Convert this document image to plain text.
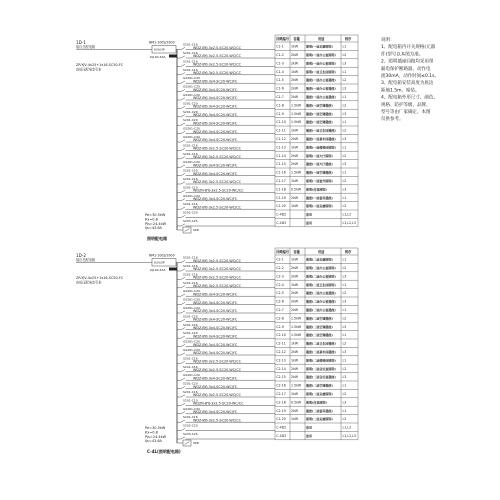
1D-1
接自总配电箱
ZR-YJV-4x25+1x16-SC50-FC
由低压配电室引来
NM1-100S/3300
63A/3P
KJ100-63A
S201-C16
WDZ-BYJ-3x2.5-SC20-WC/CC
S201-C16
WDZ-BYJ-3x2.5-SC20-WC/CC
S201-C16
WDZ-BYJ-3x2.5-SC20-WC/CC
S201-C16
WDZ-BYJ-3x2.5-SC20-WC/CC
GS261-C20
WDZ-BYJ-3x4-SC20-WC/FC
GS261-C20
WDZ-BYJ-3x4-SC20-WC/FC
GS261-C20
WDZ-BYJ-3x4-SC20-WC/FC
S201-C20
WDZ-BYJ-3x4-SC20-WC/FC
S201-C20
WDZ-BYJ-3x4-SC20-WC/FC
S201-C20
WDZ-BYJ-3x4-SC20-WC/FC
GS261-C20
WDZ-BYJ-3x4-SC20-WC/FC
GS261-C20
WDZ-BYJ-3x4-SC20-WC/FC
S201-C16
WDZ-BYJ-3x2.5-SC20-WC/CC
S201-C16
WDZ-BYJ-3x2.5-SC20-WC/CC
GS261-C20
WDZ-BYJ-3x4-SC20-WC/FC
S201-C20
WDZ-BYJ-3x4-SC20-WC/FC
S201-C16
WDZ-BYJ-3x2.5-SC20-WC/CC
S201-C10
WDZN-BYJ-3x2.5-SC20-WC/CC
GS261-C20
WDZ-BYJ-3x4-SC20-WC/FC
S201-C16
WDZ-BYJ-3x2.5-SC20-WC/CC
S202-C20
S203-C25
回路编号 容量	用途	相序
C1-1 1kW	照明(一层走廊照明)	L1
C1-2 2kW	照明(一层办公室照明) L2
C1-3 2kW	照明(一层办公室照明) L3
C1-4 1kW	照明(一层卫生间照明) L1
C1-5 2kW	插座(一层办公室插座) L2
C1-6 2kW	插座(一层办公室插座) L3
C1-7 2kW	插座(一层办公室插座) L1
C1-8 1.5kW 插座(一层空调插座)	L2
C1-9 1.5kW 插座(一层空调插座)	L3
C1-10 1.5kW 插座(一层空调插座)	L1
C1-11 1kW	插座(一层卫生间插座) L2
C1-12 2kW	插座(一层茶水间插座) L3
C1-13 1kW	照明(一层楼梯间照明) L1
C1-14 2kW	照明(一层大厅照明)	L2
C1-15 2kW	插座(一层大厅插座)	L3
C1-16 1.5kW 插座(一层空调插座)	L1
C1-17 1kW	照明(一层室外照明)	L2
C1-18 0.5kW 照明(应急照明)	L3
C1-19 2kW	插座(一层备用插座)	L1
C1-20 1kW	照明(一层走廊照明)	L2
C-4D2	备用	L1,L2
C-4D3	备用	L1,L2,L3
Pe=30.5kW
Kx=0.8
Pjs=24.4kW
Ijs=43.6A	SPD
照明配电箱
1D-2
接自总配电箱
ZR-YJV-4x25+1x16-SC50-FC
由低压配电室引来
NM1-100S/3300
63A/3P
KJ100-63A
S201-C16
WDZ-BYJ-3x2.5-SC20-WC/CC
S201-C16
WDZ-BYJ-3x2.5-SC20-WC/CC
S201-C16
WDZ-BYJ-3x2.5-SC20-WC/CC
S201-C16
WDZ-BYJ-3x2.5-SC20-WC/CC
GS261-C20
WDZ-BYJ-3x4-SC20-WC/FC
GS261-C20
WDZ-BYJ-3x4-SC20-WC/FC
GS261-C20
WDZ-BYJ-3x4-SC20-WC/FC
S201-C20
WDZ-BYJ-3x4-SC20-WC/FC
S201-C20
WDZ-BYJ-3x4-SC20-WC/FC
S201-C20
WDZ-BYJ-3x4-SC20-WC/FC
GS261-C20
WDZ-BYJ-3x4-SC20-WC/FC
GS261-C20
WDZ-BYJ-3x4-SC20-WC/FC
S201-C16
WDZ-BYJ-3x2.5-SC20-WC/CC
S201-C16
WDZ-BYJ-3x2.5-SC20-WC/CC
GS261-C20
WDZ-BYJ-3x4-SC20-WC/FC
S201-C20
WDZ-BYJ-3x4-SC20-WC/FC
S201-C16
WDZ-BYJ-3x2.5-SC20-WC/CC
S201-C10
WDZN-BYJ-3x2.5-SC20-WC/CC
GS261-C20
WDZ-BYJ-3x4-SC20-WC/FC
S201-C16
WDZ-BYJ-3x2.5-SC20-WC/CC
S202-C20
S203-C25
回路编号 容量	用途	相序
C2-1 1kW	照明(二层走廊照明)	L1
C2-2 2kW	照明(二层办公室照明) L2
C2-3 2kW	照明(二层办公室照明) L3
C2-4 1kW	照明(二层卫生间照明) L1
C2-5 2kW	插座(二层办公室插座) L2
C2-6 2kW	插座(二层办公室插座) L3
C2-7 2kW	插座(二层办公室插座) L1
C2-8 1.5kW 插座(二层空调插座)	L2
C2-9 1.5kW 插座(二层空调插座)	L3
C2-10 1.5kW 插座(二层空调插座)	L1
C2-11 1kW	插座(二层卫生间插座) L2
C2-12 2kW	插座(二层茶水间插座) L3
C2-13 1kW	照明(二层楼梯间照明) L1
C2-14 2kW	照明(二层会议室照明) L2
C2-15 2kW	插座(二层会议室插座) L3
C2-16 1.5kW 插座(二层空调插座)	L1
C2-17 1kW	照明(二层走廊照明)	L2
C2-18 0.5kW 照明(应急照明)	L3
C2-19 2kW	插座(二层备用插座)	L1
C2-20 1kW	照明(二层走廊照明)	L2
C-4D2	备用	L1,L2
C-4D3	备用	L1,L2,L3
Pe=30.5kW
Kx=0.8
Pjs=24.4kW
Ijs=43.6A	SPD
C-4L(照明配电箱)
说明：
1、配电箱内开关规格(元器
件)型号以本图为准。
2、照明插座回路均采用带
漏电保护断路器，动作电
流30mA，动作时间≤0.1s。
3、配电箱安装高度为底边
距地1.5m，暗装。
4、配电箱外形尺寸、颜色、
规格、防护等级、品牌、
型号等由厂家确定，本图
仅供参考。
